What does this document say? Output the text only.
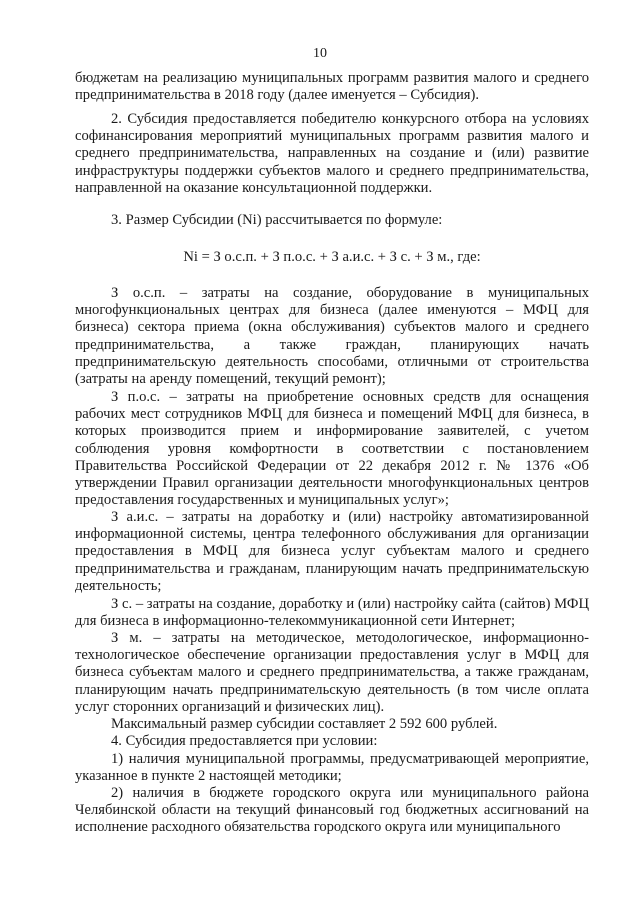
10
бюджетам на реализацию муниципальных программ развития малого и среднего предпринимательства в 2018 году (далее именуется – Субсидия).
2. Субсидия предоставляется победителю конкурсного отбора на условиях софинансирования мероприятий муниципальных программ развития малого и среднего предпринимательства, направленных на создание и (или) развитие инфраструктуры поддержки субъектов малого и среднего предпринимательства, направленной на оказание консультационной поддержки.
3. Размер Субсидии (Ni) рассчитывается по формуле:
Ni = З о.с.п. + З п.о.с. + З а.и.с. + З с. + З м., где:
З о.с.п. – затраты на создание, оборудование в муниципальных многофункциональных центрах для бизнеса (далее именуются – МФЦ для бизнеса) сектора приема (окна обслуживания) субъектов малого и среднего предпринимательства, а также граждан, планирующих начать предпринимательскую деятельность способами, отличными от строительства (затраты на аренду помещений, текущий ремонт);
З п.о.с. – затраты на приобретение основных средств для оснащения рабочих мест сотрудников МФЦ для бизнеса и помещений МФЦ для бизнеса, в которых производится прием и информирование заявителей, с учетом соблюдения уровня комфортности в соответствии с постановлением Правительства Российской Федерации от 22 декабря 2012 г. № 1376 «Об утверждении Правил организации деятельности многофункциональных центров предоставления государственных и муниципальных услуг»;
З а.и.с. – затраты на доработку и (или) настройку автоматизированной информационной системы, центра телефонного обслуживания для организации предоставления в МФЦ для бизнеса услуг субъектам малого и среднего предпринимательства и гражданам, планирующим начать предпринимательскую деятельность;
З с. – затраты на создание, доработку и (или) настройку сайта (сайтов) МФЦ для бизнеса в информационно-телекоммуникационной сети Интернет;
З м. – затраты на методическое, методологическое, информационно-технологическое обеспечение организации предоставления услуг в МФЦ для бизнеса субъектам малого и среднего предпринимательства, а также гражданам, планирующим начать предпринимательскую деятельность (в том числе оплата услуг сторонних организаций и физических лиц).
Максимальный размер субсидии составляет 2 592 600 рублей.
4. Субсидия предоставляется при условии:
1) наличия муниципальной программы, предусматривающей мероприятие, указанное в пункте 2 настоящей методики;
2) наличия в бюджете городского округа или муниципального района Челябинской области на текущий финансовый год бюджетных ассигнований на исполнение расходного обязательства городского округа или муниципального
